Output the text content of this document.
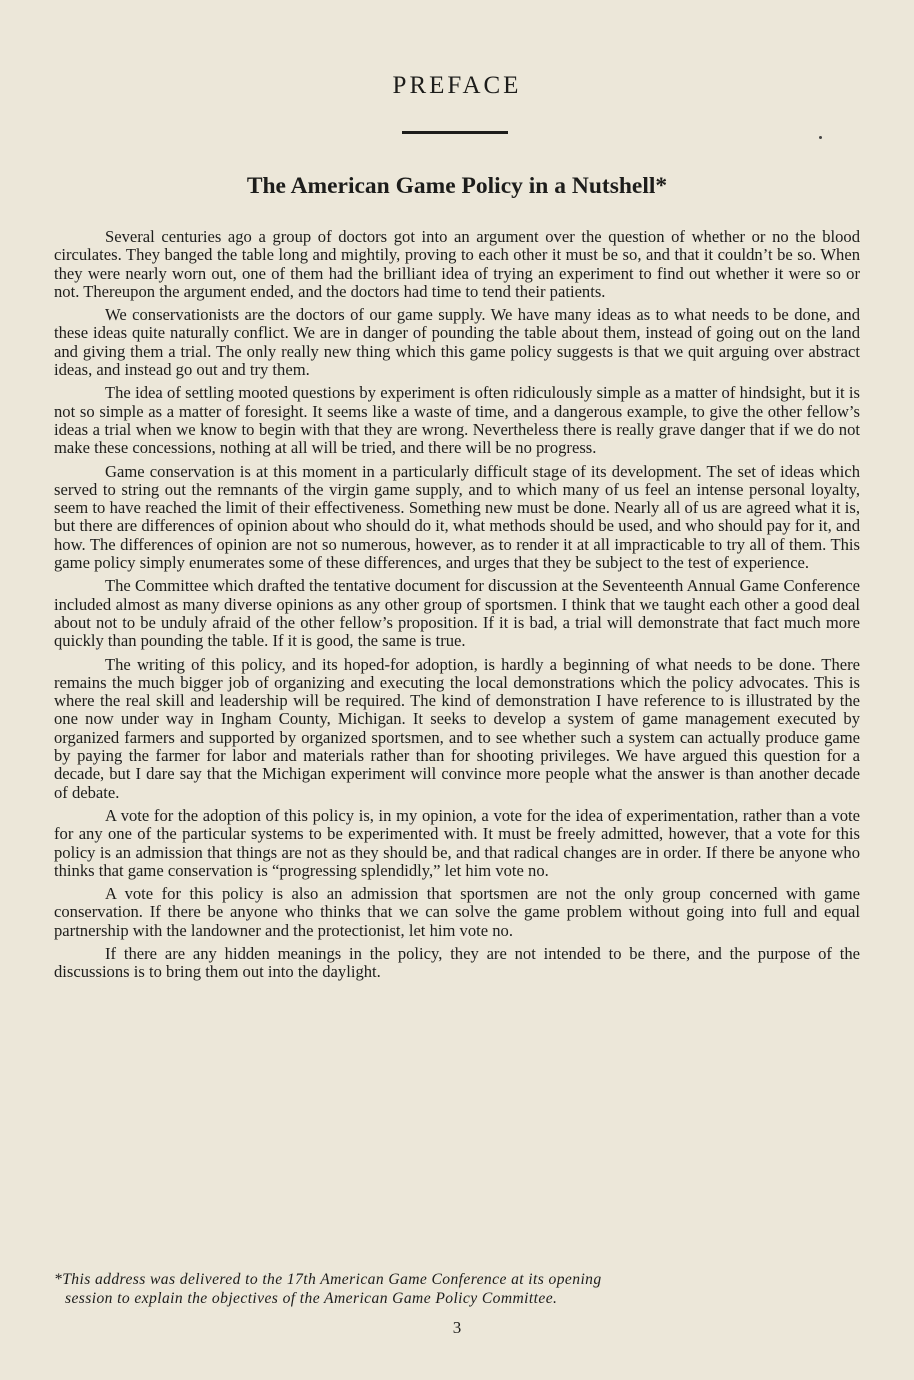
PREFACE
The American Game Policy in a Nutshell*

Several centuries ago a group of doctors got into an argument over the question of whether or no the blood circulates. They banged the table long and mightily, proving to each other it must be so, and that it couldn’t be so. When they were nearly worn out, one of them had the brilliant idea of trying an experiment to find out whether it were so or not. Thereupon the argument ended, and the doctors had time to tend their patients.

We conservationists are the doctors of our game supply. We have many ideas as to what needs to be done, and these ideas quite naturally conflict. We are in danger of pounding the table about them, instead of going out on the land and giving them a trial. The only really new thing which this game policy suggests is that we quit arguing over abstract ideas, and instead go out and try them.

The idea of settling mooted questions by experiment is often ridiculously simple as a matter of hindsight, but it is not so simple as a matter of foresight. It seems like a waste of time, and a dangerous example, to give the other fellow’s ideas a trial when we know to begin with that they are wrong. Nevertheless there is really grave danger that if we do not make these concessions, nothing at all will be tried, and there will be no progress.

Game conservation is at this moment in a particularly difficult stage of its development. The set of ideas which served to string out the remnants of the virgin game supply, and to which many of us feel an intense personal loyalty, seem to have reached the limit of their effectiveness. Something new must be done. Nearly all of us are agreed what it is, but there are differences of opinion about who should do it, what methods should be used, and who should pay for it, and how. The differences of opinion are not so numerous, however, as to render it at all impracticable to try all of them. This game policy simply enumerates some of these differences, and urges that they be subject to the test of experience.

The Committee which drafted the tentative document for discussion at the Seventeenth Annual Game Conference included almost as many diverse opinions as any other group of sportsmen. I think that we taught each other a good deal about not to be unduly afraid of the other fellow’s proposition. If it is bad, a trial will demonstrate that fact much more quickly than pounding the table. If it is good, the same is true.

The writing of this policy, and its hoped-for adoption, is hardly a beginning of what needs to be done. There remains the much bigger job of organizing and executing the local demonstrations which the policy advocates. This is where the real skill and leadership will be required. The kind of demonstration I have reference to is illustrated by the one now under way in Ingham County, Michigan. It seeks to develop a system of game management executed by organized farmers and supported by organized sportsmen, and to see whether such a system can actually produce game by paying the farmer for labor and materials rather than for shooting privileges. We have argued this question for a decade, but I dare say that the Michigan experiment will convince more people what the answer is than another decade of debate.

A vote for the adoption of this policy is, in my opinion, a vote for the idea of experimentation, rather than a vote for any one of the particular systems to be experimented with. It must be freely admitted, however, that a vote for this policy is an admission that things are not as they should be, and that radical changes are in order. If there be anyone who thinks that game conservation is “progressing splendidly,” let him vote no.

A vote for this policy is also an admission that sportsmen are not the only group concerned with game conservation. If there be anyone who thinks that we can solve the game problem without going into full and equal partnership with the landowner and the protectionist, let him vote no.

If there are any hidden meanings in the policy, they are not intended to be there, and the purpose of the discussions is to bring them out into the daylight.

*This address was delivered to the 17th American Game Conference at its opening
session to explain the objectives of the American Game Policy Committee.

3
